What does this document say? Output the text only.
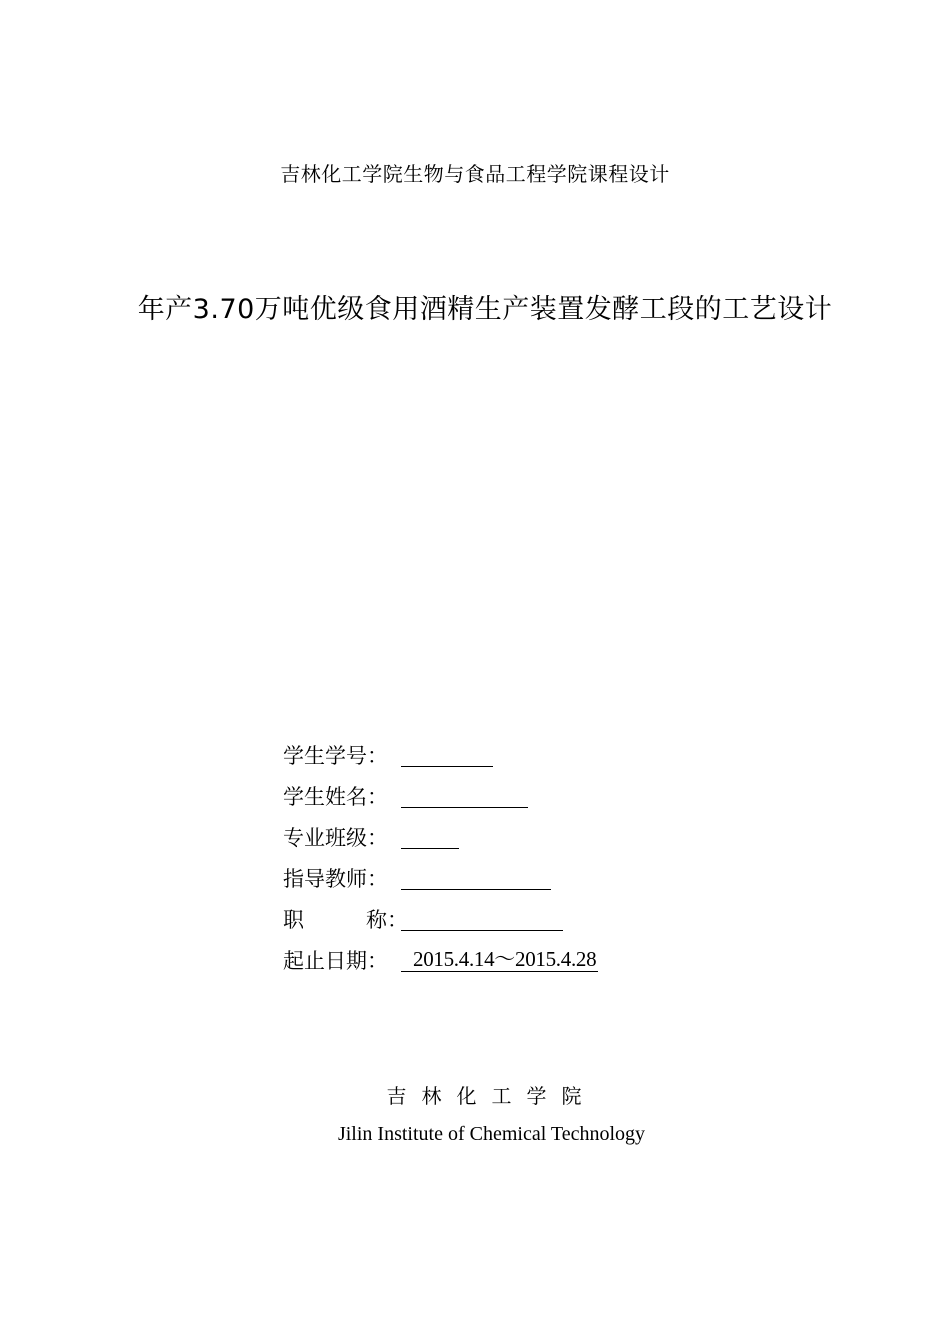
吉林化工学院生物与食品工程学院课程设计
年产3.70万吨优级食用酒精生产装置发酵工段的工艺设计
学生学号：
学生姓名：
专业班级：
指导教师：
职	称 ：
起止日期：	2015.4.14～2015.4.28
吉林化工学院
Jilin Institute of Chemical Technology
